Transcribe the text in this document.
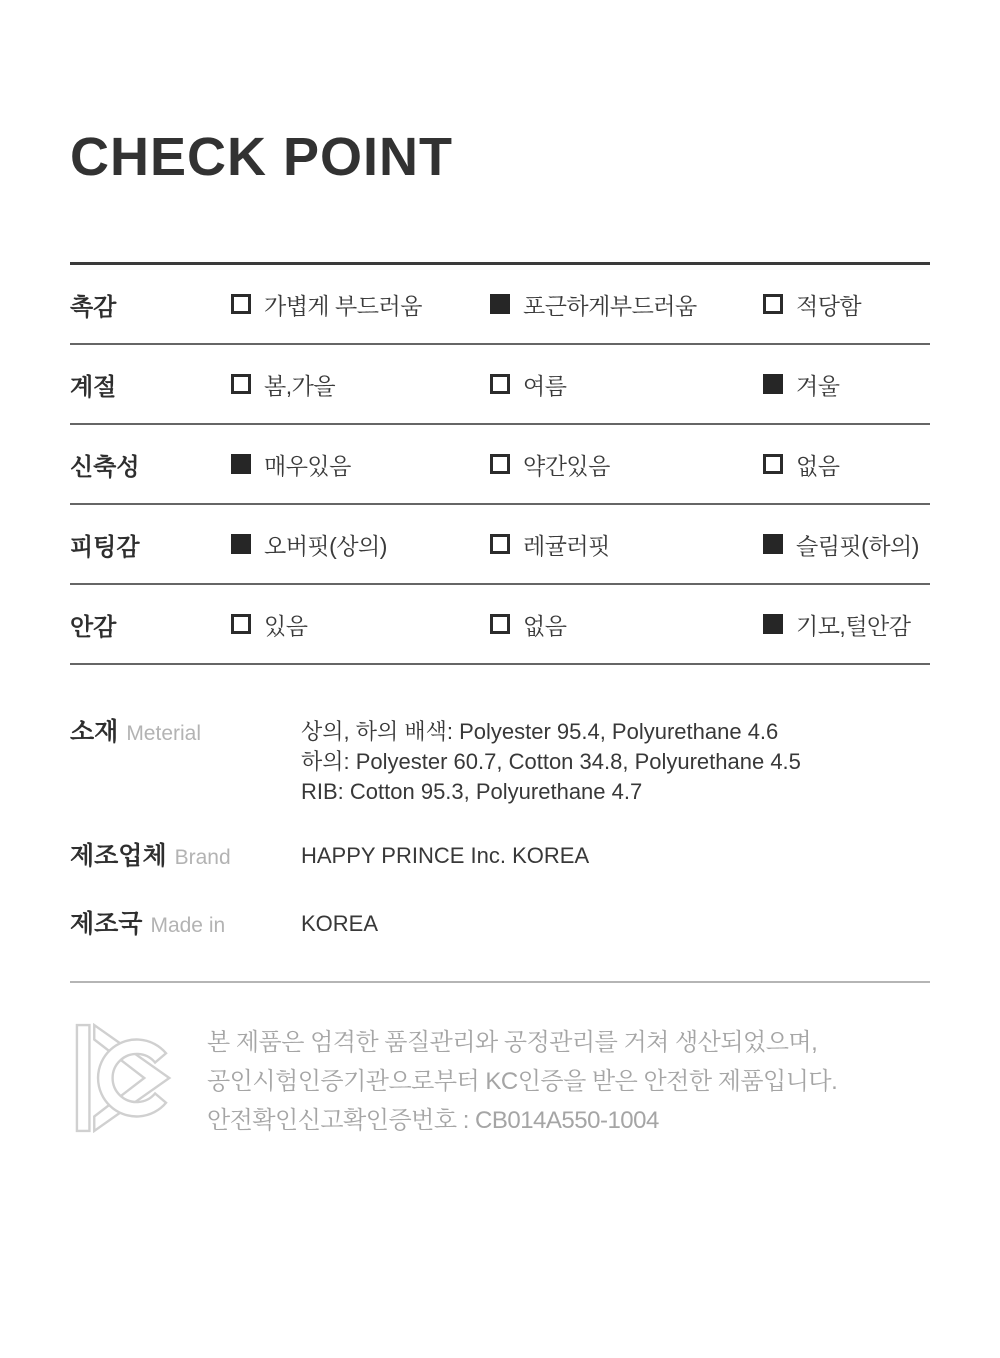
CHECK POINT
촉감	가볍게 부드러움	포근하게부드러움	적당함
계절	봄,가을	여름	겨울
신축성	매우있음	약간있음	없음
피팅감	오버핏(상의)	레귤러핏	슬림핏(하의)
안감	있음	없음	기모,털안감
소재 Meterial	상의, 하의 배색: Polyester 95.4, Polyurethane 4.6
하의: Polyester 60.7, Cotton 34.8, Polyurethane 4.5
RIB: Cotton 95.3, Polyurethane 4.7
제조업체 Brand	HAPPY PRINCE Inc. KOREA
제조국 Made in	KOREA
본 제품은 엄격한 품질관리와 공정관리를 거쳐 생산되었으며,
공인시험인증기관으로부터 KC인증을 받은 안전한 제품입니다.
안전확인신고확인증번호 : CB014A550-1004
